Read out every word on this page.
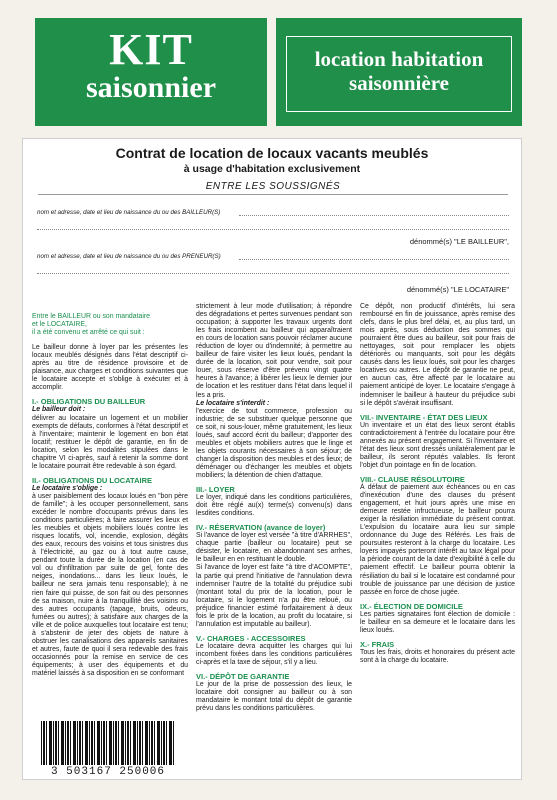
KIT
saisonnier
location habitation
saisonnière
Contrat de location de locaux vacants meublés
à usage d'habitation exclusivement
ENTRE LES SOUSSIGNÉS
nom et adresse, date et lieu de naissance du ou des BAILLEUR(S)
dénommé(s) "LE BAILLEUR",
nom et adresse, date et lieu de naissance du ou des PRENEUR(S)
dénommé(s) "LE LOCATAIRE"

Entre le BAILLEUR ou son mandataire

et le LOCATAIRE,

il a été convenu et arrêté ce qui suit :

Le bailleur donne à loyer par les présentes les locaux meublés désignés dans l'état descriptif ci-après au titre de résidence provisoire et de plaisance, aux charges et conditions suivantes que le locataire accepte et s'oblige à exécuter et à accomplir.

I.- OBLIGATIONS DU BAILLEUR

Le bailleur doit :

délivrer au locataire un logement et un mobilier exempts de défauts, conformes à l'état descriptif et à l'inventaire; maintenir le logement en bon état locatif; restituer le dépôt de garantie, en fin de location, selon les modalités stipulées dans le chapitre VI ci-après, sauf à retenir la somme dont le locataire pourrait être redevable à son égard.

II.- OBLIGATIONS DU LOCATAIRE

Le locataire s'oblige :

à user paisiblement des locaux loués en "bon père de famille"; à les occuper personnellement, sans excéder le nombre d'occupants prévus dans les conditions particulières; à faire assurer les lieux et les meubles et objets mobiliers loués contre les risques locatifs, vol, incendie, explosion, dégâts des eaux, recours des voisins et tous sinistres dus à l'électricité, au gaz ou à tout autre cause, pendant toute la durée de la location (en cas de vol ou d'infiltration par suite de gel, fonte des neiges, inondations... dans les lieux loués, le bailleur ne sera jamais tenu responsable); à ne rien faire qui puisse, de son fait ou des personnes de sa maison, nuire à la tranquillité des voisins ou des autres occupants (tapage, bruits, odeurs, fumées ou autres); à satisfaire aux charges de la ville et de police auxquelles tout locataire est tenu; à s'abstenir de jeter des objets de nature à obstruer les canalisations des appareils sanitaires et autres, faute de quoi il sera redevable des frais occasionnés pour la remise en service de ces équipements; à user des équipements et du matériel laissés à sa disposition en se conformant

strictement à leur mode d'utilisation; à répondre des dégradations et pertes survenues pendant son occupation; à supporter les travaux urgents dont les frais incombent au bailleur qui apparaîtraient en cours de location sans pouvoir réclamer aucune réduction de loyer ou d'indemnité; à permettre au bailleur de faire visiter les lieux loués, pendant la durée de la location, soit pour vendre, soit pour louer, sous réserve d'être prévenu vingt quatre heures à l'avance; à libérer les lieux le dernier jour de location et les restituer dans l'état dans lequel il les a pris.

Le locataire s'interdit :

l'exercice de tout commerce, profession ou industrie; de se substituer quelque personne que ce soit, ni sous-louer, même gratuitement, les lieux loués, sauf accord écrit du bailleur; d'apporter des meubles et objets mobiliers autres que le linge et les objets courants nécessaires à son séjour; de changer la disposition des meubles et des lieux; de déménager ou d'échanger les meubles et objets mobiliers; la détention de chien d'attaque.

III.- LOYER

Le loyer, indiqué dans les conditions particulières, doit être réglé au(x) terme(s) convenu(s) dans lesdites conditions.

IV.- RÉSERVATION (avance de loyer)

Si l'avance de loyer est versée "à titre d'ARRHES", chaque partie (bailleur ou locataire) peut se désister, le locataire, en abandonnant ses arrhes, le bailleur en en restituant le double.

Si l'avance de loyer est faite "à titre d'ACOMPTE", la partie qui prend l'initiative de l'annulation devra indemniser l'autre de la totalité du préjudice subi (montant total du prix de la location, pour le locataire, si le logement n'a pu être reloué, ou préjudice financier estimé forfaitairement à deux fois le prix de la location, au profit du locataire, si l'annulation est imputable au bailleur).

V.- CHARGES - ACCESSOIRES

Le locataire devra acquitter les charges qui lui incombent fixées dans les conditions particulières ci-après et la taxe de séjour, s'il y a lieu.

VI.- DÉPÔT DE GARANTIE

Le jour de la prise de possession des lieux, le locataire doit consigner au bailleur ou à son mandataire le montant total du dépôt de garantie prévu dans les conditions particulières.

Ce dépôt, non productif d'intérêts, lui sera remboursé en fin de jouissance, après remise des clefs, dans le plus bref délai, et, au plus tard, un mois après, sous déduction des sommes qui pourraient être dues au bailleur, soit pour frais de nettoyages, soit pour remplacer les objets détériorés ou manquants, soit pour les dégâts causés dans les lieux loués, soit pour les charges locatives ou autres. Le dépôt de garantie ne peut, en aucun cas, être affecté par le locataire au paiement anticipé de loyer. Le locataire s'engage à indemniser le bailleur à hauteur du préjudice subi si le dépôt s'avérait insuffisant.

VII.- INVENTAIRE - ÉTAT DES LIEUX

Un inventaire et un état des lieux seront établis contradictoirement à l'entrée du locataire pour être annexés au présent engagement. Si l'inventaire et l'état des lieux sont dressés unilatéralement par le bailleur, ils seront réputés valables. Ils feront l'objet d'un pointage en fin de location.

VIII.- CLAUSE RÉSOLUTOIRE

À défaut de paiement aux échéances ou en cas d'inexécution d'une des clauses du présent engagement, et huit jours après une mise en demeure restée infructueuse, le bailleur pourra exiger la résiliation immédiate du présent contrat. L'expulsion du locataire aura lieu sur simple ordonnance du Juge des Référés. Les frais de poursuites resteront à la charge du locataire. Les loyers impayés porteront intérêt au taux légal pour la période courant de la date d'exigibilité à celle du paiement effectif. Le bailleur pourra obtenir la résiliation du bail si le locataire est condamné pour trouble de jouissance par une décision de justice passée en force de chose jugée.

IX.- ÉLECTION DE DOMICILE

Les parties signataires font élection de domicile : le bailleur en sa demeure et le locataire dans les lieux loués.

X.- FRAIS

Tous les frais, droits et honoraires du présent acte sont à la charge du locataire.

3 503167 250006
